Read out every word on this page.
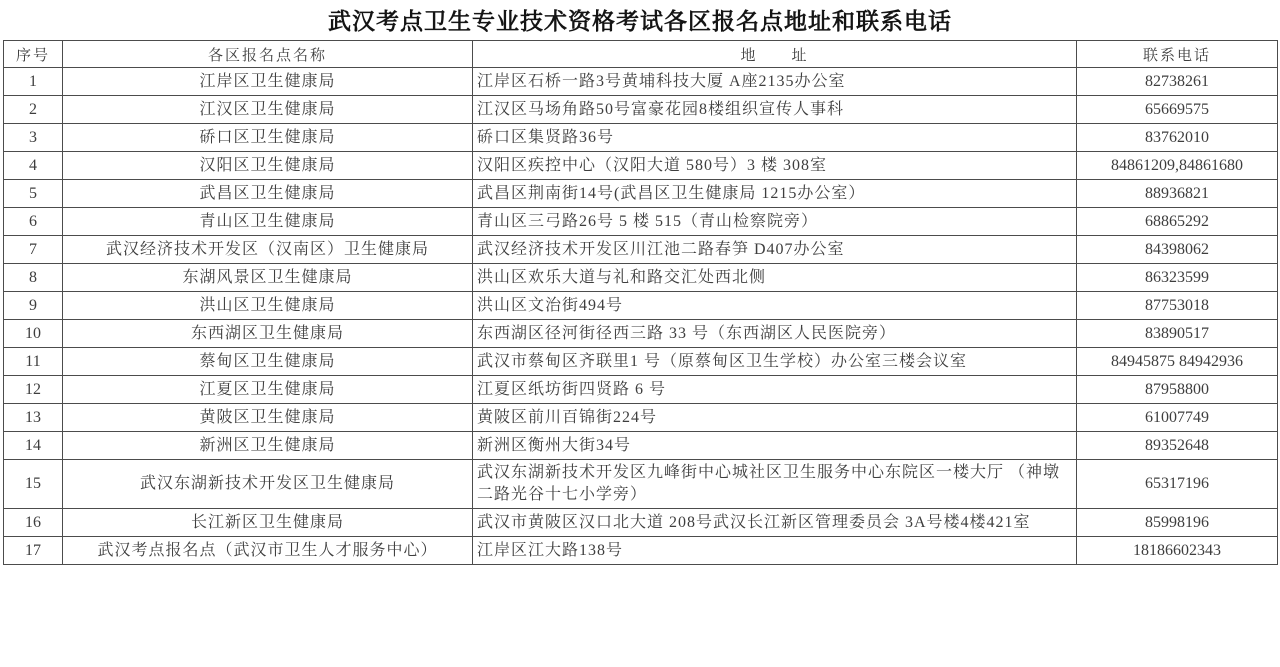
武汉考点卫生专业技术资格考试各区报名点地址和联系电话
序号	各区报名点名称	地　　址	联系电话
1	江岸区卫生健康局	江岸区石桥一路3号黄埔科技大厦 A座2135办公室	82738261
2	江汉区卫生健康局	江汉区马场角路50号富豪花园8楼组织宣传人事科	65669575
3	硚口区卫生健康局	硚口区集贤路36号	83762010
4	汉阳区卫生健康局	汉阳区疾控中心（汉阳大道 580号）3 楼 308室	84861209,84861680
5	武昌区卫生健康局	武昌区荆南街14号(武昌区卫生健康局 1215办公室）	88936821
6	青山区卫生健康局	青山区三弓路26号 5 楼 515（青山检察院旁）	68865292
7	武汉经济技术开发区（汉南区）卫生健康局	武汉经济技术开发区川江池二路春笋 D407办公室	84398062
8	东湖风景区卫生健康局	洪山区欢乐大道与礼和路交汇处西北侧	86323599
9	洪山区卫生健康局	洪山区文治街494号	87753018
10	东西湖区卫生健康局	东西湖区径河街径西三路 33 号（东西湖区人民医院旁）	83890517
11	蔡甸区卫生健康局	武汉市蔡甸区齐联里1 号（原蔡甸区卫生学校）办公室三楼会议室	84945875 84942936
12	江夏区卫生健康局	江夏区纸坊街四贤路 6 号	87958800
13	黄陂区卫生健康局	黄陂区前川百锦街224号	61007749
14	新洲区卫生健康局	新洲区衡州大街34号	89352648
15	武汉东湖新技术开发区卫生健康局	武汉东湖新技术开发区九峰街中心城社区卫生服务中心东院区一楼大厅 （神墩二路光谷十七小学旁）	65317196
16	长江新区卫生健康局	武汉市黄陂区汉口北大道 208号武汉长江新区管理委员会 3A号楼4楼421室	85998196
17	武汉考点报名点（武汉市卫生人才服务中心）	江岸区江大路138号	18186602343
